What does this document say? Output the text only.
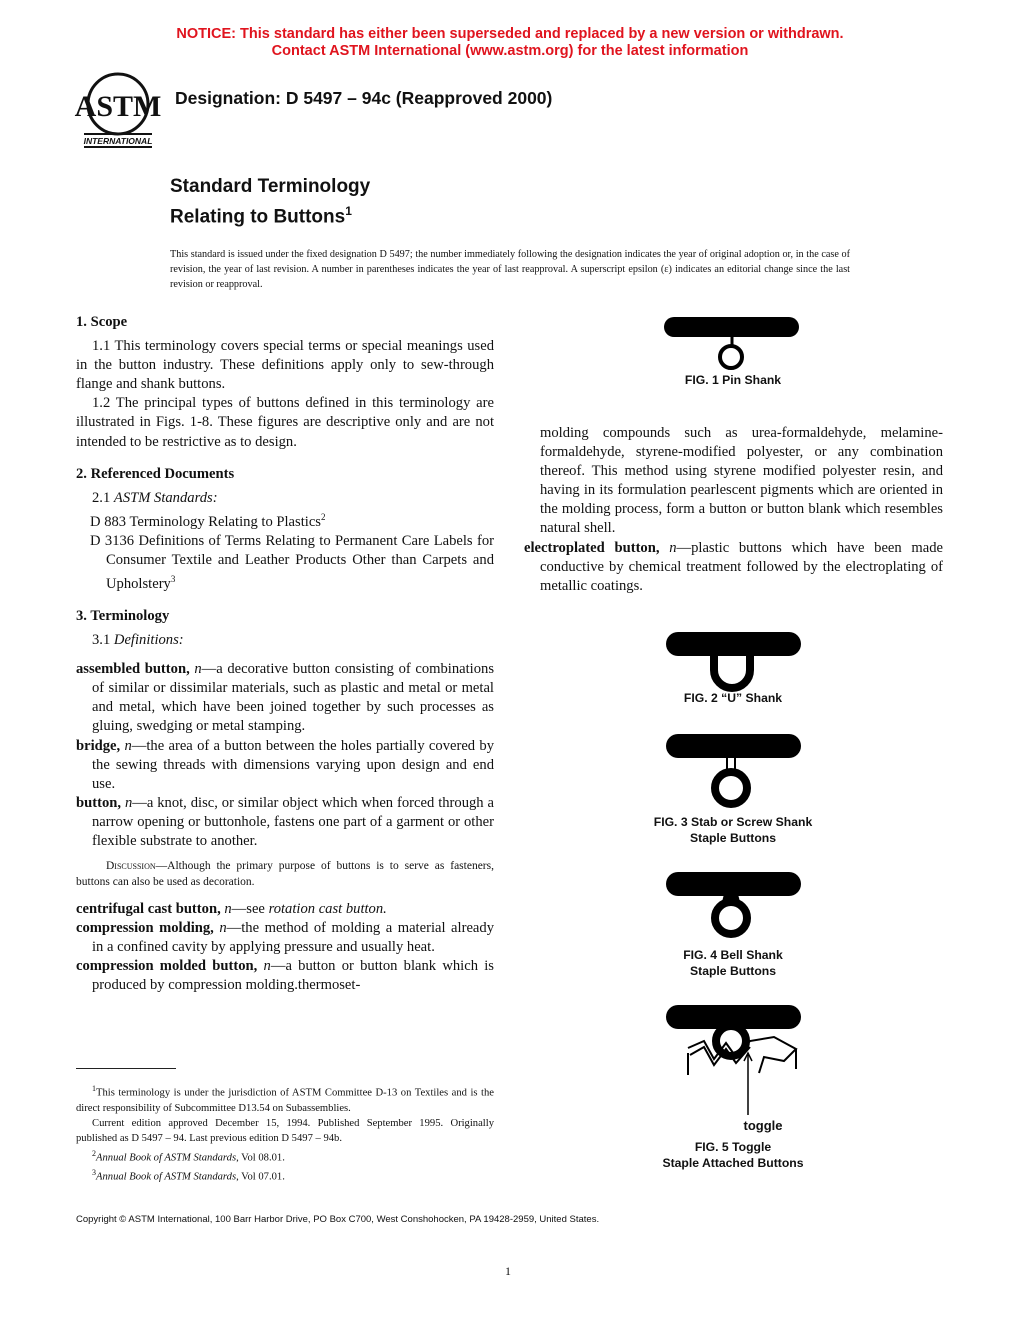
NOTICE: This standard has either been superseded and replaced by a new version or withdrawn.
Contact ASTM International (www.astm.org) for the latest information
ASTM
INTERNATIONAL
Designation: D 5497 – 94c (Reapproved 2000)
Standard Terminology
Relating to Buttons$^1$
This standard is issued under the fixed designation D 5497; the number immediately following the designation indicates the year of original adoption or, in the case of revision, the year of last revision. A number in parentheses indicates the year of last reapproval. A superscript epsilon (ε) indicates an editorial change since the last revision or reapproval.

1. Scope

1.1 This terminology covers special terms or special meanings used in the button industry. These definitions apply only to sew-through flange and shank buttons.

1.2 The principal types of buttons defined in this terminology are illustrated in Figs. 1-8. These figures are descriptive only and are not intended to be restrictive as to design.

2. Referenced Documents

2.1 ASTM Standards:

D 883 Terminology Relating to Plastics$^2$

D 3136 Definitions of Terms Relating to Permanent Care Labels for Consumer Textile and Leather Products Other than Carpets and Upholstery$^3$

3. Terminology

3.1 Definitions:

assembled button, n—a decorative button consisting of combinations of similar or dissimilar materials, such as plastic and metal or metal and metal, which have been joined together by such processes as gluing, swedging or metal stamping.

bridge, n—the area of a button between the holes partially covered by the sewing threads with dimensions varying upon design and end use.

button, n—a knot, disc, or similar object which when forced through a narrow opening or buttonhole, fastens one part of a garment or other flexible substrate to another.

Discussion—Although the primary purpose of buttons is to serve as fasteners, buttons can also be used as decoration.

centrifugal cast button, n—see rotation cast button.

compression molding, n—the method of molding a material already in a confined cavity by applying pressure and usually heat.

compression molded button, n—a button or button blank which is produced by compression molding.thermoset-

$^1$This terminology is under the jurisdiction of ASTM Committee D-13 on Textiles and is the direct responsibility of Subcommittee D13.54 on Subassemblies.

Current edition approved December 15, 1994. Published September 1995. Originally published as D 5497 – 94. Last previous edition D 5497 – 94b.

$^2$Annual Book of ASTM Standards, Vol 08.01.

$^3$Annual Book of ASTM Standards, Vol 07.01.

FIG. 1 Pin Shank

molding compounds such as urea-formaldehyde, melamine-formaldehyde, styrene-modified polyester, or any combination thereof. This method using styrene modified polyester resin, and having in its formulation pearlescent pigments which are oriented in the molding process, form a button or button blank which resembles natural shell.

electroplated button, n—plastic buttons which have been made conductive by chemical treatment followed by the electroplating of metallic coatings.

FIG. 2 “U” Shank
FIG. 3 Stab or Screw Shank
Staple Buttons
FIG. 4 Bell Shank
Staple Buttons
toggle
FIG. 5 Toggle
Staple Attached Buttons
Copyright © ASTM International, 100 Barr Harbor Drive, PO Box C700, West Conshohocken, PA 19428-2959, United States.
1
